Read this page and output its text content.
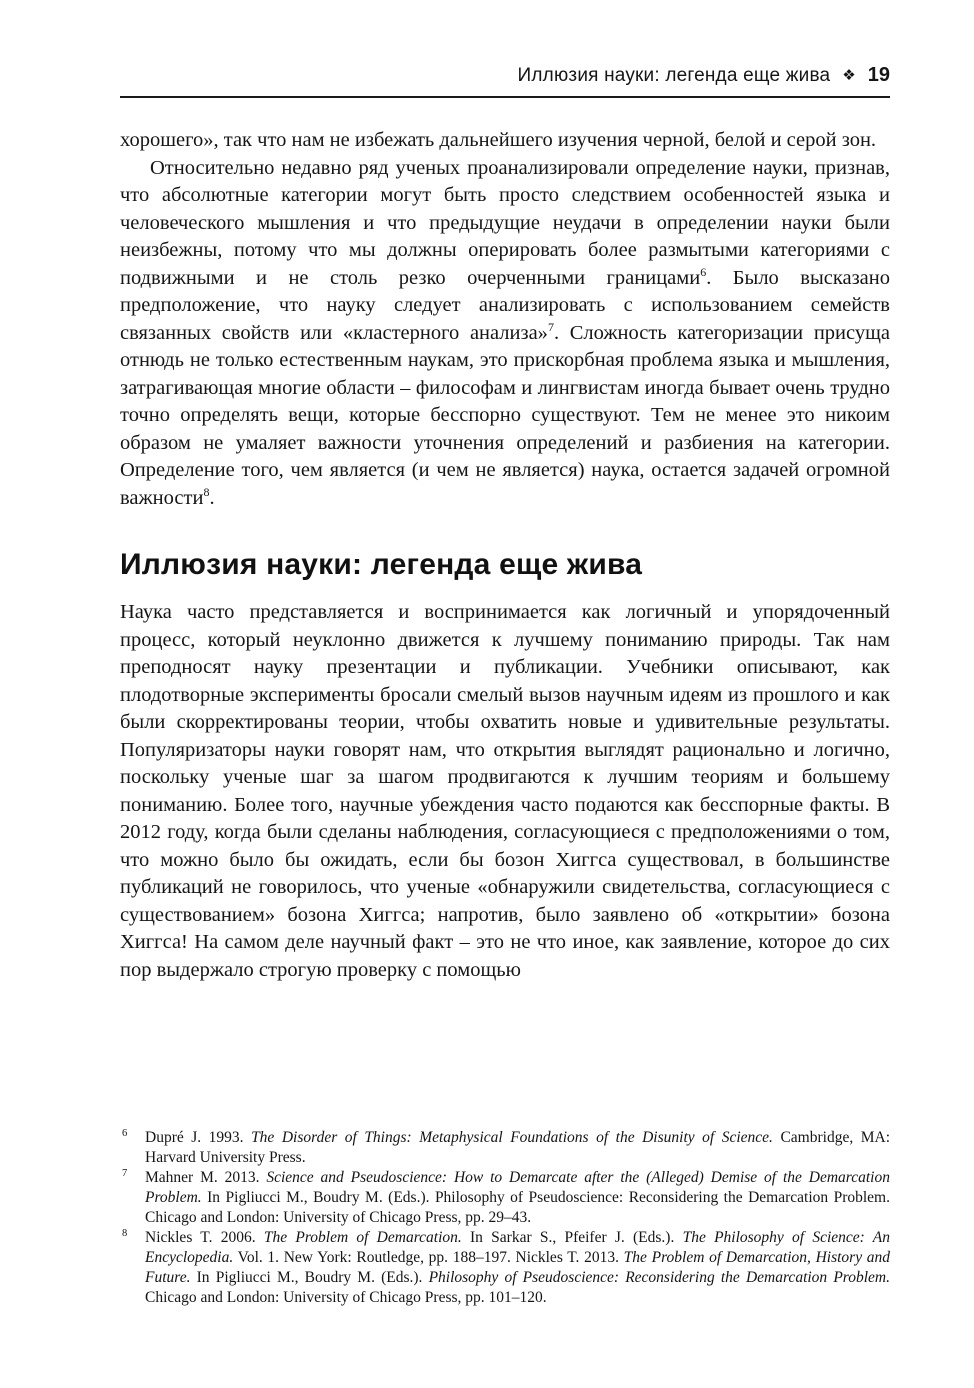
Иллюзия науки: легенда еще жива ❖ 19

хорошего», так что нам не избежать дальнейшего изучения черной, белой и серой зон.

Относительно недавно ряд ученых проанализировали определение науки, признав, что абсолютные категории могут быть просто следствием особенностей языка и человеческого мышления и что предыдущие неудачи в определении науки были неизбежны, потому что мы должны оперировать более размытыми категориями с подвижными и не столь резко очерченными границами$^6$. Было высказано предположение, что науку следует анализировать с использованием семейств связанных свойств или «кластерного анализа»$^7$. Сложность категоризации присуща отнюдь не только естественным наукам, это прискорбная проблема языка и мышления, затрагивающая многие области – философам и лингвистам иногда бывает очень трудно точно определять вещи, которые бесспорно существуют. Тем не менее это никоим образом не умаляет важности уточнения определений и разбиения на категории. Определение того, чем является (и чем не является) наука, остается задачей огромной важности$^8$.

Иллюзия науки: легенда еще жива

Наука часто представляется и воспринимается как логичный и упорядоченный процесс, который неуклонно движется к лучшему пониманию природы. Так нам преподносят науку презентации и публикации. Учебники описывают, как плодотворные эксперименты бросали смелый вызов научным идеям из прошлого и как были скорректированы теории, чтобы охватить новые и удивительные результаты. Популяризаторы науки говорят нам, что открытия выглядят рационально и логично, поскольку ученые шаг за шагом продвигаются к лучшим теориям и большему пониманию. Более того, научные убеждения часто подаются как бесспорные факты. В 2012 году, когда были сделаны наблюдения, согласующиеся с предположениями о том, что можно было бы ожидать, если бы бозон Хиггса существовал, в большинстве публикаций не говорилось, что ученые «обнаружили свидетельства, согласующиеся с существованием» бозона Хиггса; напротив, было заявлено об «открытии» бозона Хиггса! На самом деле научный факт – это не что иное, как заявление, которое до сих пор выдержало строгую проверку с помощью

6	Dupré J. 1993. The Disorder of Things: Metaphysical Foundations of the Disunity of Science. Cambridge, MA: Harvard University Press.
7	Mahner M. 2013. Science and Pseudoscience: How to Demarcate after the (Alleged) Demise of the Demarcation Problem. In Pigliucci M., Boudry M. (Eds.). Philosophy of Pseudoscience: Reconsidering the Demarcation Problem. Chicago and London: University of Chicago Press, pp. 29–43.
8	Nickles T. 2006. The Problem of Demarcation. In Sarkar S., Pfeifer J. (Eds.). The Philosophy of Science: An Encyclopedia. Vol. 1. New York: Routledge, pp. 188–197. Nickles T. 2013. The Problem of Demarcation, History and Future. In Pigliucci M., Boudry M. (Eds.). Philosophy of Pseudoscience: Reconsidering the Demarcation Problem. Chicago and London: University of Chicago Press, pp. 101–120.
